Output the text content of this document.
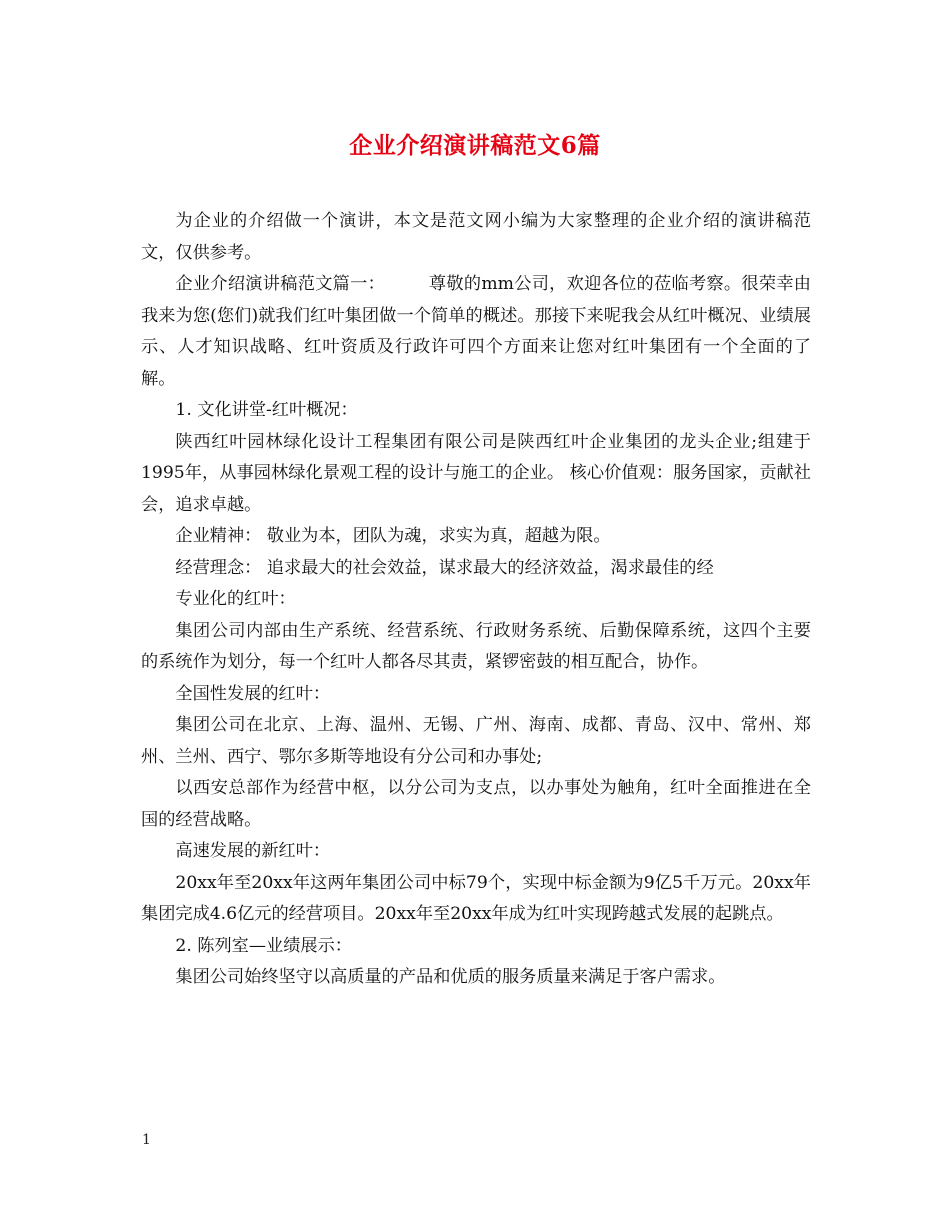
企业介绍演讲稿范文6篇

为企业的介绍做一个演讲，本文是范文网小编为大家整理的企业介绍的演讲稿范文，仅供参考。

企业介绍演讲稿范文篇一：　　　尊敬的mm公司，欢迎各位的莅临考察。很荣幸由我来为您(您们)就我们红叶集团做一个简单的概述。那接下来呢我会从红叶概况、业绩展示、人才知识战略、红叶资质及行政许可四个方面来让您对红叶集团有一个全面的了解。

1. 文化讲堂-红叶概况：

陕西红叶园林绿化设计工程集团有限公司是陕西红叶企业集团的龙头企业;组建于1995年，从事园林绿化景观工程的设计与施工的企业。 核心价值观：服务国家，贡献社会，追求卓越。

企业精神： 敬业为本，团队为魂，求实为真，超越为限。

经营理念： 追求最大的社会效益，谋求最大的经济效益，渴求最佳的经

专业化的红叶：

集团公司内部由生产系统、经营系统、行政财务系统、后勤保障系统，这四个主要的系统作为划分，每一个红叶人都各尽其责，紧锣密鼓的相互配合，协作。

全国性发展的红叶：

集团公司在北京、上海、温州、无锡、广州、海南、成都、青岛、汉中、常州、郑州、兰州、西宁、鄂尔多斯等地设有分公司和办事处;

以西安总部作为经营中枢，以分公司为支点，以办事处为触角，红叶全面推进在全国的经营战略。

高速发展的新红叶：

20xx年至20xx年这两年集团公司中标79个，实现中标金额为9亿5千万元。20xx年集团完成4.6亿元的经营项目。20xx年至20xx年成为红叶实现跨越式发展的起跳点。

2. 陈列室—业绩展示：

集团公司始终坚守以高质量的产品和优质的服务质量来满足于客户需求。

1
